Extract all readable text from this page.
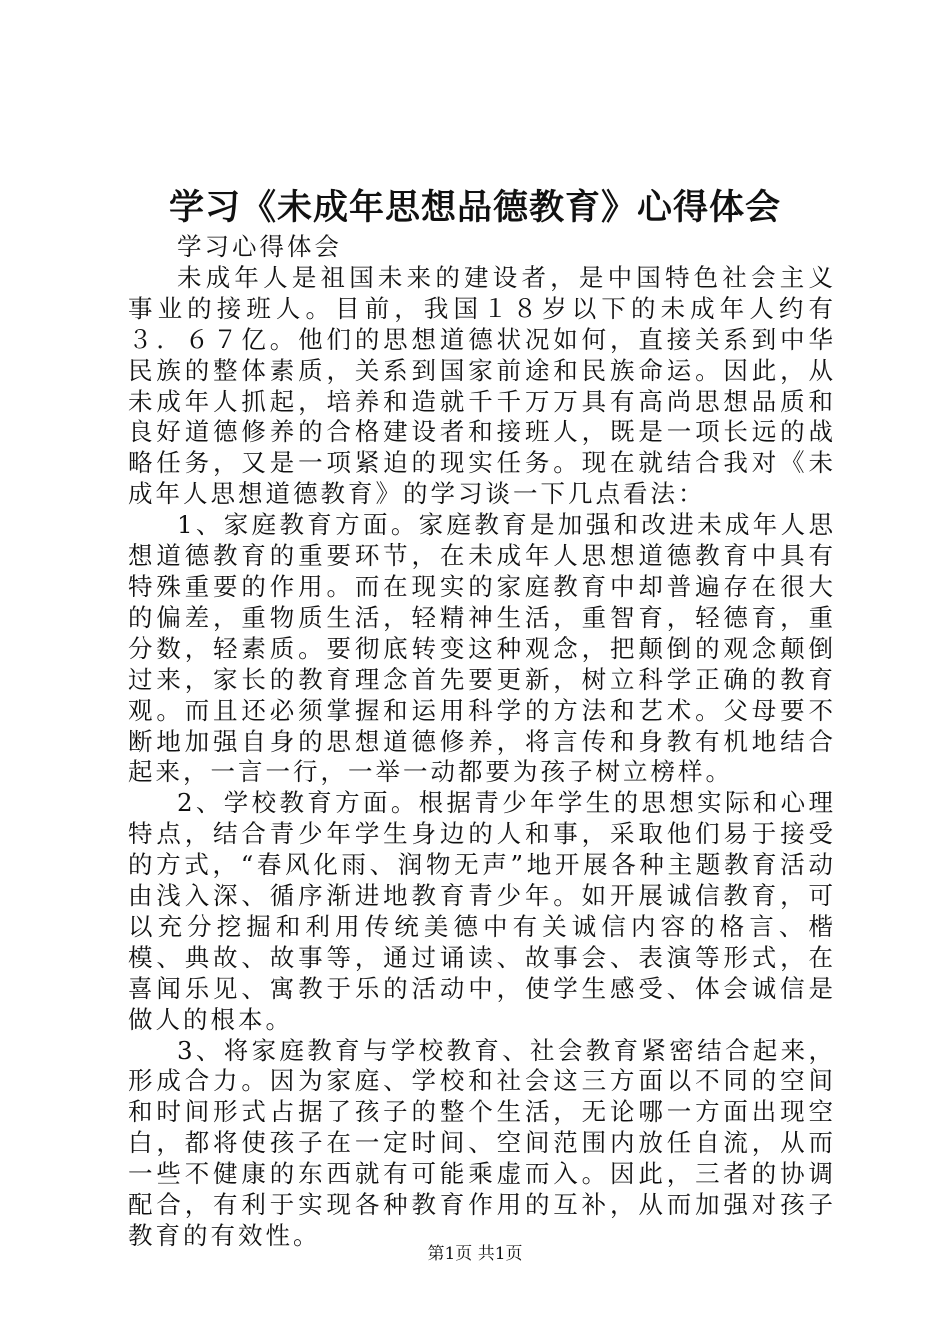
学习《未成年思想品德教育》心得体会

学习心得体会

未成年人是祖国未来的建设者，是中国特色社会主义事业的接班人。目前，我国１８岁以下的未成年人约有３．６７亿。他们的思想道德状况如何，直接关系到中华民族的整体素质，关系到国家前途和民族命运。因此，从未成年人抓起，培养和造就千千万万具有高尚思想品质和良好道德修养的合格建设者和接班人，既是一项长远的战略任务，又是一项紧迫的现实任务。现在就结合我对《未成年人思想道德教育》的学习谈一下几点看法：

1、家庭教育方面。家庭教育是加强和改进未成年人思想道德教育的重要环节，在未成年人思想道德教育中具有特殊重要的作用。而在现实的家庭教育中却普遍存在很大的偏差，重物质生活，轻精神生活，重智育，轻德育，重分数，轻素质。要彻底转变这种观念，把颠倒的观念颠倒过来，家长的教育理念首先要更新，树立科学正确的教育观。而且还必须掌握和运用科学的方法和艺术。父母要不断地加强自身的思想道德修养，将言传和身教有机地结合起来，一言一行，一举一动都要为孩子树立榜样。

2、学校教育方面。根据青少年学生的思想实际和心理特点，结合青少年学生身边的人和事，采取他们易于接受的方式，“春风化雨、润物无声”地开展各种主题教育活动由浅入深、循序渐进地教育青少年。如开展诚信教育，可以充分挖掘和利用传统美德中有关诚信内容的格言、楷模、典故、故事等，通过诵读、故事会、表演等形式，在喜闻乐见、寓教于乐的活动中，使学生感受、体会诚信是做人的根本。

3、将家庭教育与学校教育、社会教育紧密结合起来，形成合力。因为家庭、学校和社会这三方面以不同的空间和时间形式占据了孩子的整个生活，无论哪一方面出现空白，都将使孩子在一定时间、空间范围内放任自流，从而一些不健康的东西就有可能乘虚而入。因此，三者的协调配合，有利于实现各种教育作用的互补，从而加强对孩子教育的有效性。

第1页 共1页
